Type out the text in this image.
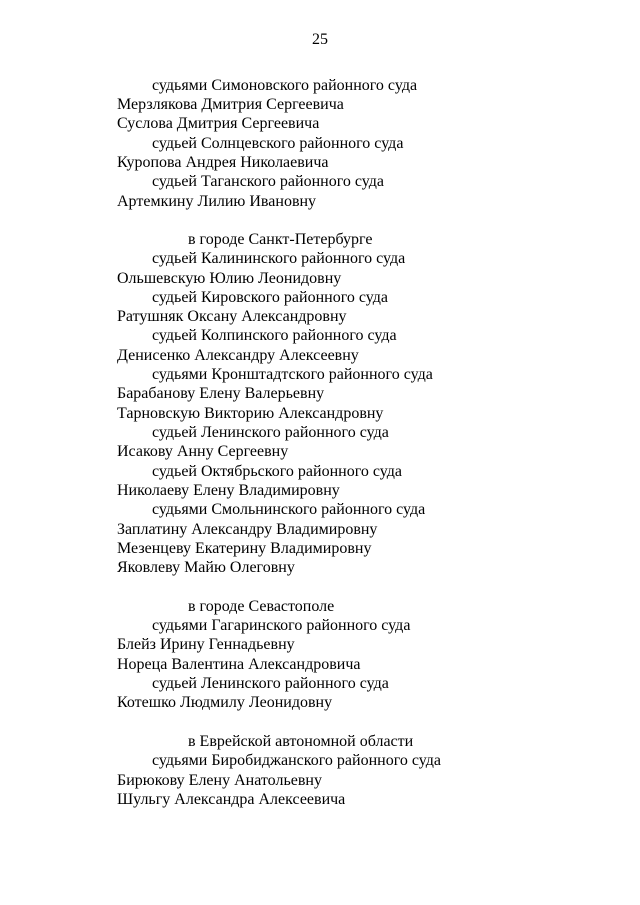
25
судьями Симоновского районного суда
Мерзлякова Дмитрия Сергеевича
Суслова Дмитрия Сергеевича
судьей Солнцевского районного суда
Куропова Андрея Николаевича
судьей Таганского районного суда
Артемкину Лилию Ивановну
в городе Санкт-Петербурге
судьей Калининского районного суда
Ольшевскую Юлию Леонидовну
судьей Кировского районного суда
Ратушняк Оксану Александровну
судьей Колпинского районного суда
Денисенко Александру Алексеевну
судьями Кронштадтского районного суда
Барабанову Елену Валерьевну
Тарновскую Викторию Александровну
судьей Ленинского районного суда
Исакову Анну Сергеевну
судьей Октябрьского районного суда
Николаеву Елену Владимировну
судьями Смольнинского районного суда
Заплатину Александру Владимировну
Мезенцеву Екатерину Владимировну
Яковлеву Майю Олеговну
в городе Севастополе
судьями Гагаринского районного суда
Блейз Ирину Геннадьевну
Нореца Валентина Александровича
судьей Ленинского районного суда
Котешко Людмилу Леонидовну
в Еврейской автономной области
судьями Биробиджанского районного суда
Бирюкову Елену Анатольевну
Шульгу Александра Алексеевича
